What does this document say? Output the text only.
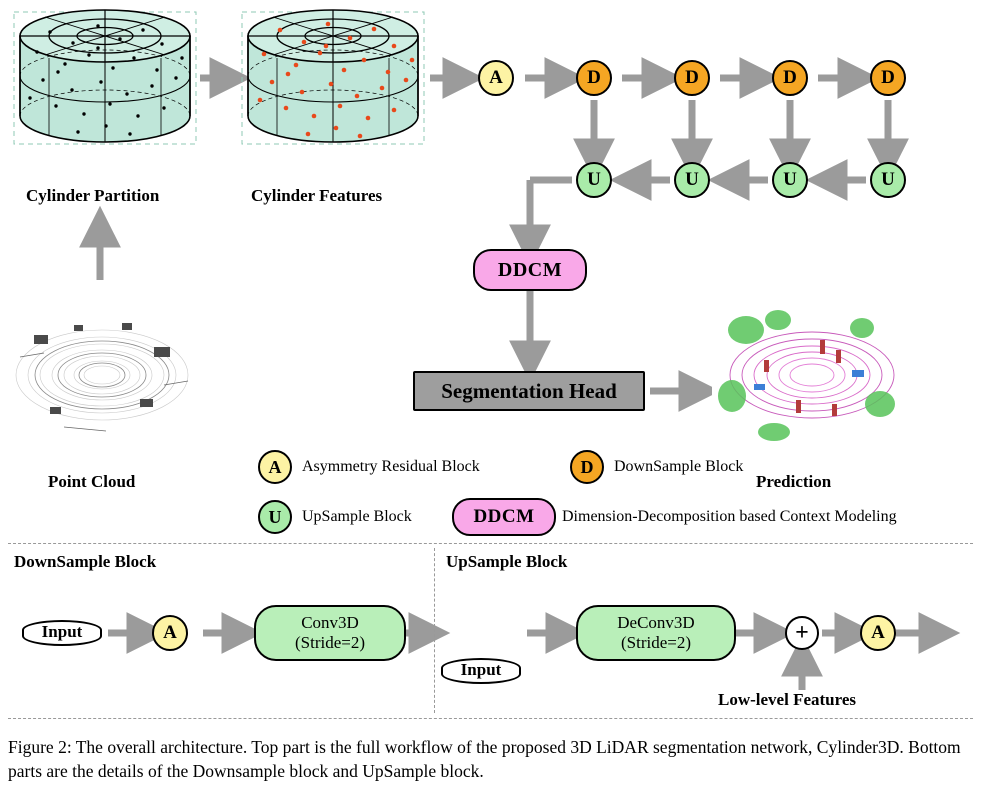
Cylinder Partition	Cylinder Features
Point Cloud	Prediction
A	D	D	D	D
U	U	U	U
DDCM
Segmentation Head
A	Asymmetry Residual Block	D	DownSample Block
U	UpSample Block	DDCM	Dimension-Decomposition based Context Modeling
DownSample Block
Input	A	Conv3D
(Stride=2)
UpSample Block
Input
DeConv3D
(Stride=2)	+	A
Low-level Features
Figure 2: The overall architecture. Top part is the full workflow of the proposed 3D LiDAR segmentation network, Cylinder3D. Bottom parts are the details of the Downsample block and UpSample block.
